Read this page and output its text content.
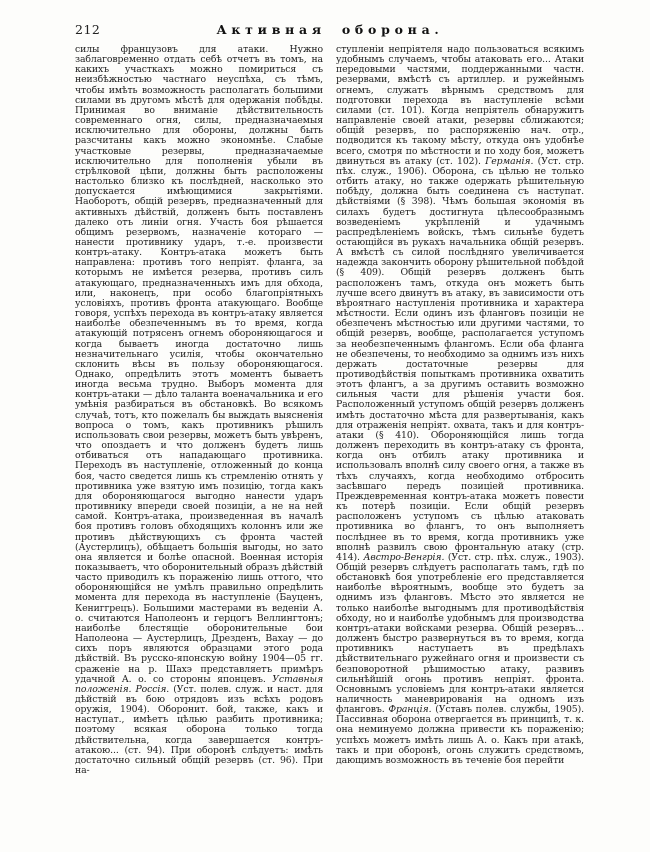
212	Активная оборона.
силы французовъ для атаки. Нужно заблаговременно отдать себѣ отчетъ въ томъ, на какихъ участкахъ можно помириться съ неизбѣжностью частнаго неуспѣха, съ тѣмъ, чтобы имѣть возможность располагать большими силами въ другомъ мѣстѣ для одержанія побѣды. Принимая во вниманіе дѣйствительность современнаго огня, силы, предназначаемыя исключительно для обороны, должны быть разсчитаны какъ можно экономнѣе. Слабые участковые резервы, предназначаемые исключительно для пополненія убыли въ стрѣлковой цѣпи, должны быть расположены настолько близко къ послѣдней, насколько это допускается имѣющимися закрытіями. Наоборотъ, общій резервъ, предназначенный для активныхъ дѣйствій, долженъ быть поставленъ далеко отъ линіи огня. Участь боя рѣшается общимъ резервомъ, назначеніе котораго — нанести противнику ударъ, т.-е. произвести контръ-атаку. Контръ-атака можетъ быть направлена: противъ того непріят. фланга, за которымъ не имѣется резерва, противъ силъ атакующаго, предназначенныхъ имъ для обхода, или, наконецъ, при особо благопріятныхъ условіяхъ, противъ фронта атакующаго. Вообще говоря, успѣхъ перехода въ контръ-атаку является наиболѣе обезпеченнымъ въ то время, когда атакующій потрясенъ огнемъ обороняющагося и когда бываетъ иногда достаточно лишь незначительнаго усилія, чтобы окончательно склонить вѣсы въ пользу обороняющагося. Однако, опредѣлить этотъ моментъ бываетъ иногда весьма трудно. Выборъ момента для контръ-атаки — дѣло таланта военачальника и его умѣнія разбираться въ обстановкѣ. Во всякомъ случаѣ, тотъ, кто пожелалъ бы выждать выясненія вопроса о томъ, какъ противникъ рѣшилъ использовать свои резервы, можетъ быть увѣренъ, что опоздаетъ и что долженъ будетъ лишь отбиваться отъ нападающаго противника. Переходъ въ наступленіе, отложенный до конца боя, часто сведется лишь къ стремленію отнять у противника уже взятую имъ позицію, тогда какъ для обороняющагося выгодно нанести ударъ противнику впереди своей позиціи, а не на ней самой. Контръ-атака, произведенная въ началѣ боя противъ головъ обходящихъ колоннъ или же противъ дѣйствующихъ съ фронта частей (Аустерлицъ), обѣщаетъ большія выгоды, но зато она является и болѣе опасной. Военная исторія показываетъ, что оборонительный образъ дѣйствій часто приводилъ къ пораженію лишь оттого, что обороняющійся не умѣлъ правильно опредѣлить момента для перехода въ наступленіе (Бауценъ, Кениггрецъ). Большими мастерами въ веденіи А. о. считаются Наполеонъ и герцогъ Веллингтонъ; наиболѣе блестящіе оборонительные бои Наполеона — Аустерлицъ, Дрезденъ, Вахау — до сихъ поръ являются образцами этого рода дѣйствій. Въ русско-японскую войну 1904—05 гг. сраженіе на р. Шахэ представляетъ примѣръ удачной А. о. со стороны японцевъ. Уставныя положенія. Россія. (Уст. полев. служ. и наст. для дѣйствій въ бою отрядовъ изъ всѣхъ родовъ оружія, 1904). Оборонит. бой, также, какъ и наступат., имѣетъ цѣлью разбить противника; поэтому всякая оборона только тогда дѣйствительна, когда завершается контръ-атакою... (ст. 94). При оборонѣ слѣдуетъ: имѣть достаточно сильный общій резервъ (ст. 96). При на-
ступленіи непріятеля надо пользоваться всякимъ удобнымъ случаемъ, чтобы атаковать его... Атаки передовыми частями, поддержанными частн. резервами, вмѣстѣ съ артиллер. и ружейнымъ огнемъ, служатъ вѣрнымъ средствомъ для подготовки перехода въ наступленіе всѣми силами (ст. 101). Когда непріятель обнаружитъ направленіе своей атаки, резервы сближаются; общій резервъ, по распоряженію нач. отр., подводится къ такому мѣсту, откуда онъ удобнѣе всего, смотря по мѣстности и по ходу боя, можетъ двинуться въ атаку (ст. 102). Германія. (Уст. стр. пѣх. служ., 1906). Оборона, съ цѣлью не только отбить атаку, но также одержать рѣшительную побѣду, должна быть соединена съ наступат. дѣйствіями (§ 398). Чѣмъ большая экономія въ силахъ будетъ достигнута цѣлесообразнымъ возведеніемъ укрѣпленій и удачнымъ распредѣленіемъ войскъ, тѣмъ сильнѣе будетъ остающійся въ рукахъ начальника общій резервъ. А вмѣстѣ съ силой послѣдняго увеличивается надежда закончить оборону рѣшительной побѣдой (§ 409). Общій резервъ долженъ быть расположенъ тамъ, откуда онъ можетъ быть лучше всего двинутъ въ атаку, въ зависимости отъ вѣроятнаго наступленія противника и характера мѣстности. Если одинъ изъ фланговъ позиціи не обезпеченъ мѣстностью или другими частями, то общій резервъ, вообще, располагается уступомъ за необезпеченнымъ флангомъ. Если оба фланга не обезпечены, то необходимо за однимъ изъ нихъ держать достаточные резервы для противодѣйствія попыткамъ противника охватить этотъ флангъ, а за другимъ оставить возможно сильныя части для рѣшенія участи боя. Расположенный уступомъ общій резервъ долженъ имѣть достаточно мѣста для развертыванія, какъ для отраженія непріят. охвата, такъ и для контръ-атаки (§ 410). Обороняющійся лишь тогда долженъ переходить въ контръ-атаку съ фронта, когда онъ отбилъ атаку противника и использовалъ вполнѣ силу своего огня, а также въ тѣхъ случаяхъ, когда необходимо отбросить засѣвшаго передъ позиціей противника. Преждевременная контръ-атака можетъ повести къ потерѣ позиціи. Если общій резервъ расположенъ уступомъ съ цѣлью атаковать противника во флангъ, то онъ выполняетъ послѣднее въ то время, когда противникъ уже вполнѣ развилъ свою фронтальную атаку (стр. 414). Австро-Венгрія. (Уст. стр. пѣх. служ., 1903). Общій резервъ слѣдуетъ располагать тамъ, гдѣ по обстановкѣ боя употребленіе его представляется наиболѣе вѣроятнымъ, вообще это будетъ за однимъ изъ фланговъ. Мѣсто это является не только наиболѣе выгоднымъ для противодѣйствія обходу, но и наиболѣе удобнымъ для производства контръ-атаки войсками резерва. Общій резервъ... долженъ быстро развернуться въ то время, когда противникъ наступаетъ въ предѣлахъ дѣйствительнаго ружейнаго огня и произвести съ безповоротной рѣшимостью атаку, развивъ сильнѣйшій огонь противъ непріят. фронта. Основнымъ условіемъ для контръ-атаки является наличность маневрированія на одномъ изъ фланговъ. Франція. (Уставъ полев. службы, 1905). Пассивная оборона отвергается въ принципѣ, т. к. она неминуемо должна привести къ пораженію; успѣхъ можетъ имѣть лишь А. о. Какъ при атакѣ, такъ и при оборонѣ, огонь служитъ средствомъ, дающимъ возможность въ теченіе боя перейти
